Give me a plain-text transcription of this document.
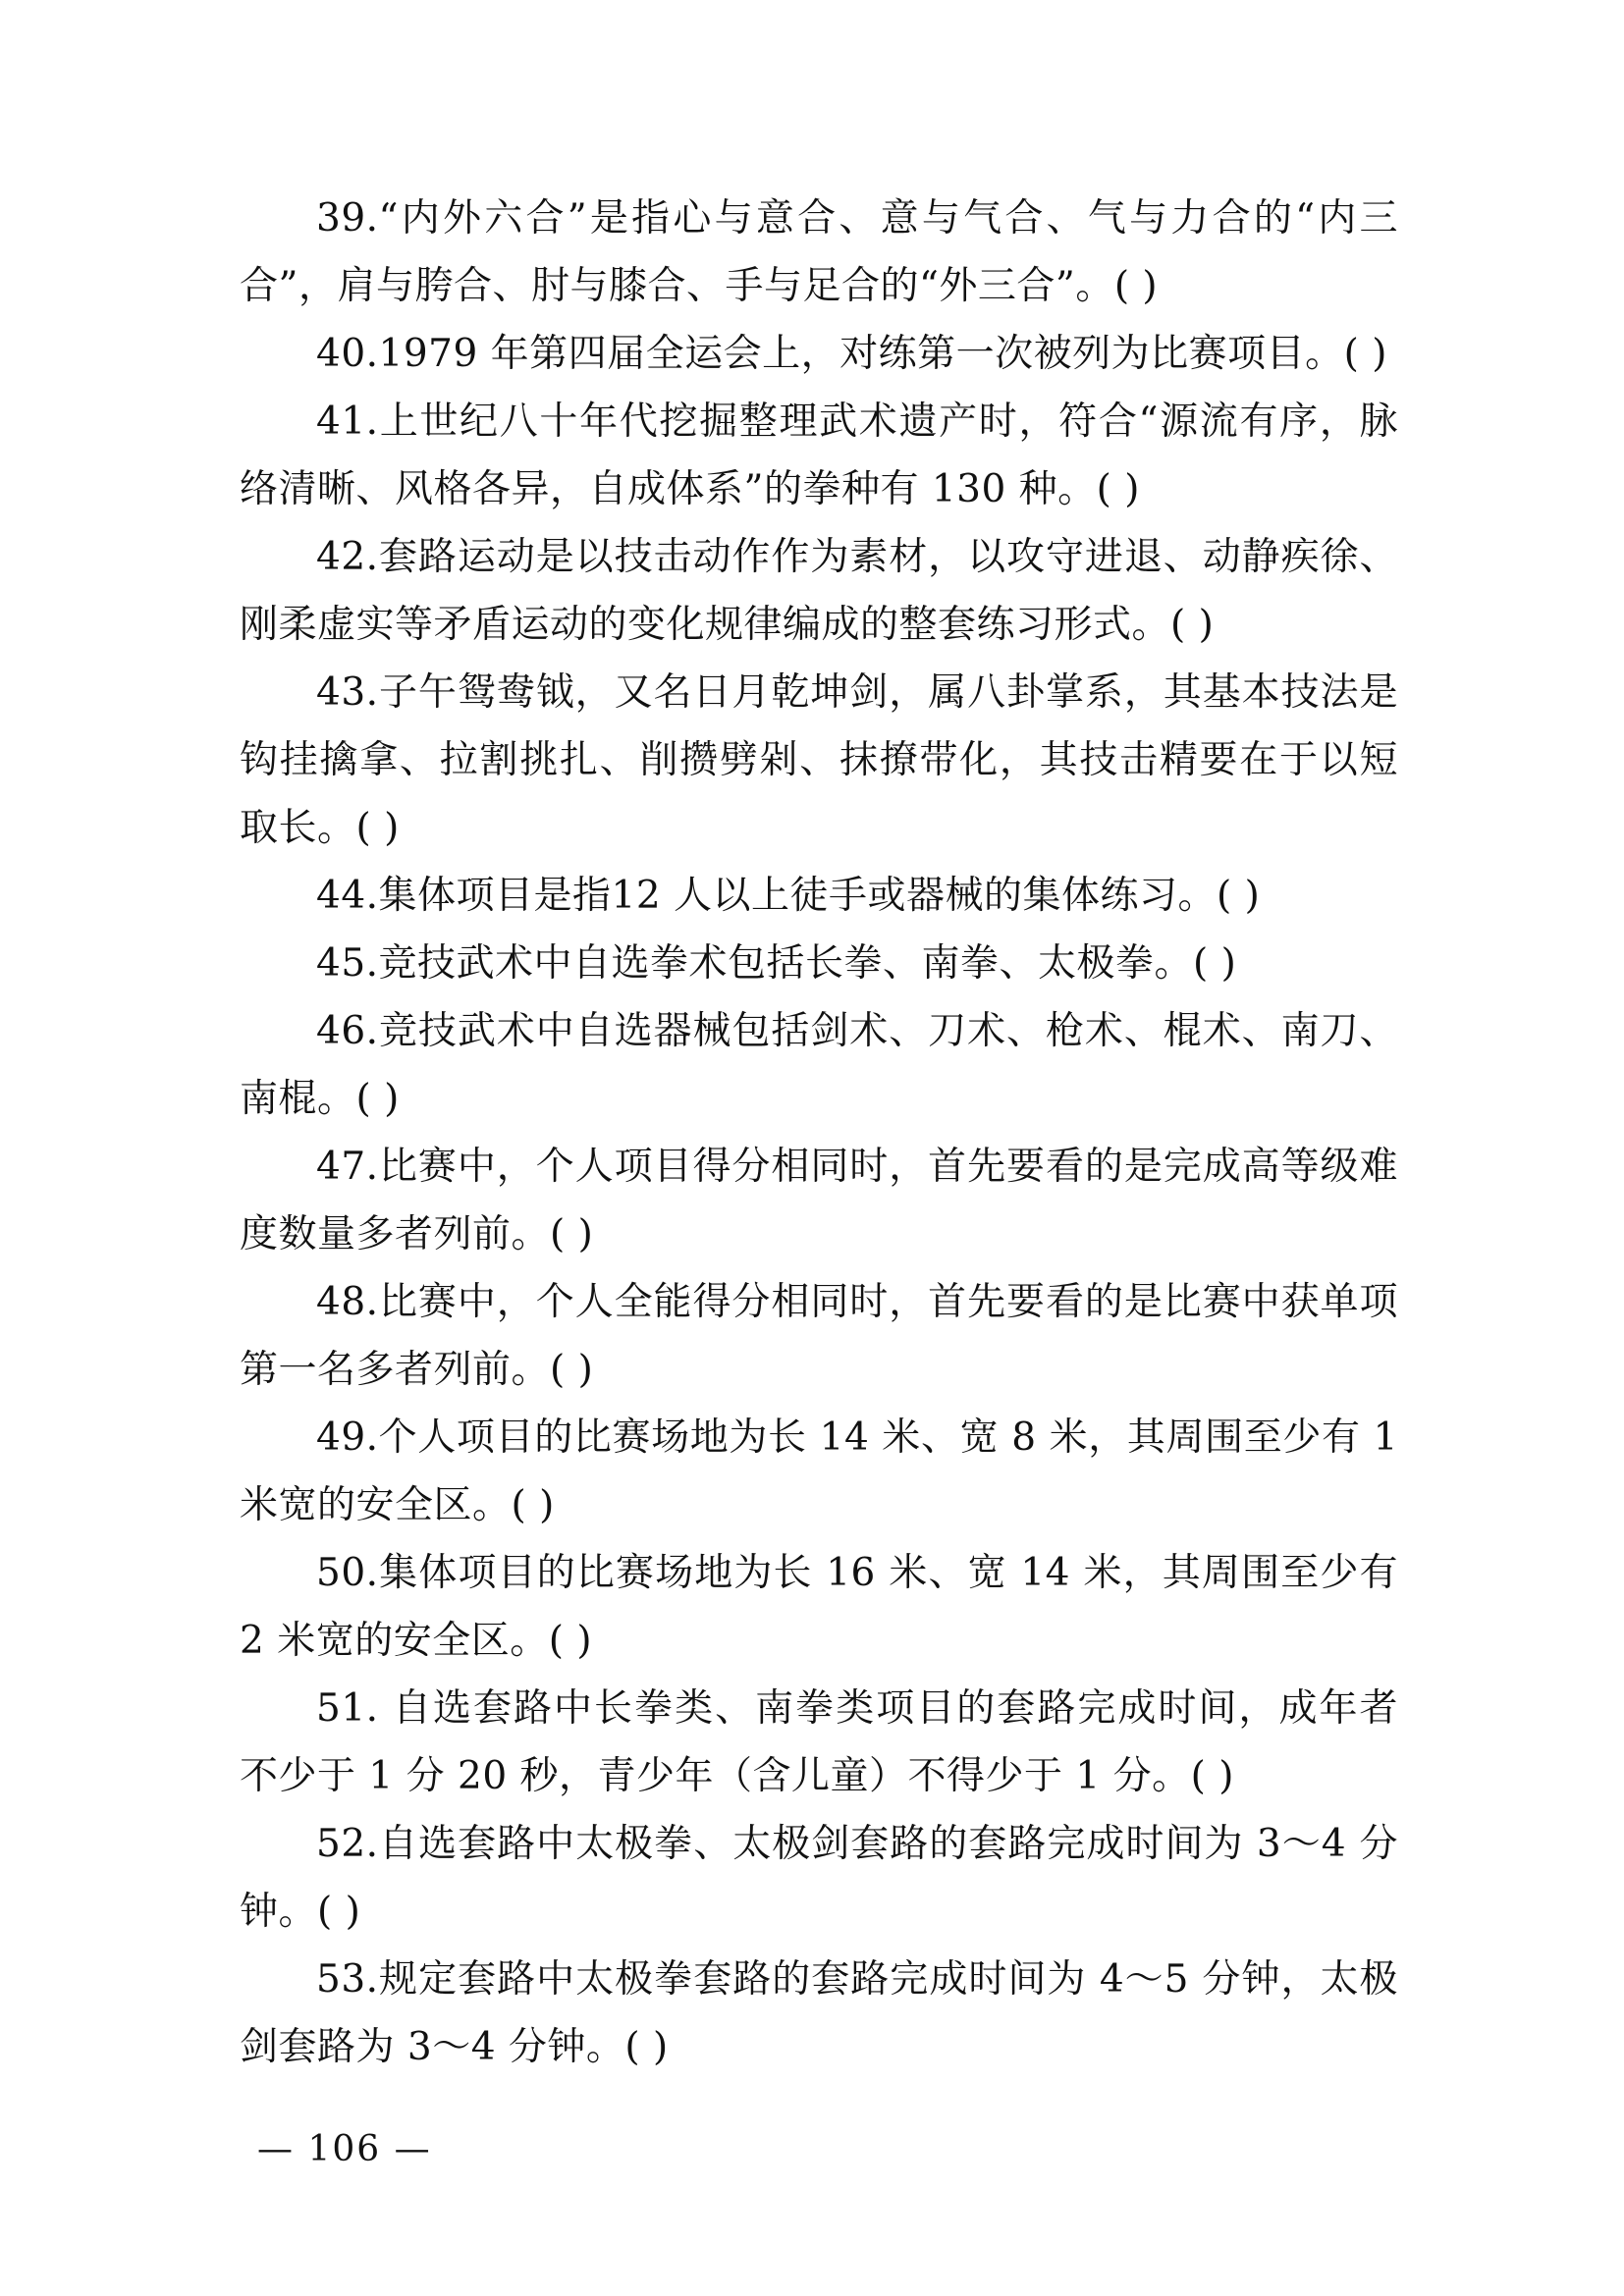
39.“内外六合”是指心与意合、意与气合、气与力合的“内三合”，肩与胯合、肘与膝合、手与足合的“外三合”。( )

40.1979 年第四届全运会上，对练第一次被列为比赛项目。( )

41.上世纪八十年代挖掘整理武术遗产时，符合“源流有序，脉络清晰、风格各异，自成体系”的拳种有 130 种。( )

42.套路运动是以技击动作作为素材，以攻守进退、动静疾徐、刚柔虚实等矛盾运动的变化规律编成的整套练习形式。( )

43.子午鸳鸯钺，又名日月乾坤剑，属八卦掌系，其基本技法是钩挂擒拿、拉割挑扎、削攒劈剁、抹撩带化，其技击精要在于以短取长。( )

44.集体项目是指12 人以上徒手或器械的集体练习。( )

45.竞技武术中自选拳术包括长拳、南拳、太极拳。( )

46.竞技武术中自选器械包括剑术、刀术、枪术、棍术、南刀、南棍。( )

47.比赛中，个人项目得分相同时，首先要看的是完成高等级难度数量多者列前。( )

48.比赛中，个人全能得分相同时，首先要看的是比赛中获单项第一名多者列前。( )

49.个人项目的比赛场地为长 14 米、宽 8 米，其周围至少有 1 米宽的安全区。( )

50.集体项目的比赛场地为长 16 米、宽 14 米，其周围至少有 2 米宽的安全区。( )

51. 自选套路中长拳类、南拳类项目的套路完成时间，成年者不少于 1 分 20 秒，青少年（含儿童）不得少于 1 分。( )

52.自选套路中太极拳、太极剑套路的套路完成时间为 3～4 分钟。( )

53.规定套路中太极拳套路的套路完成时间为 4～5 分钟，太极剑套路为 3～4 分钟。( )

— 106 —
